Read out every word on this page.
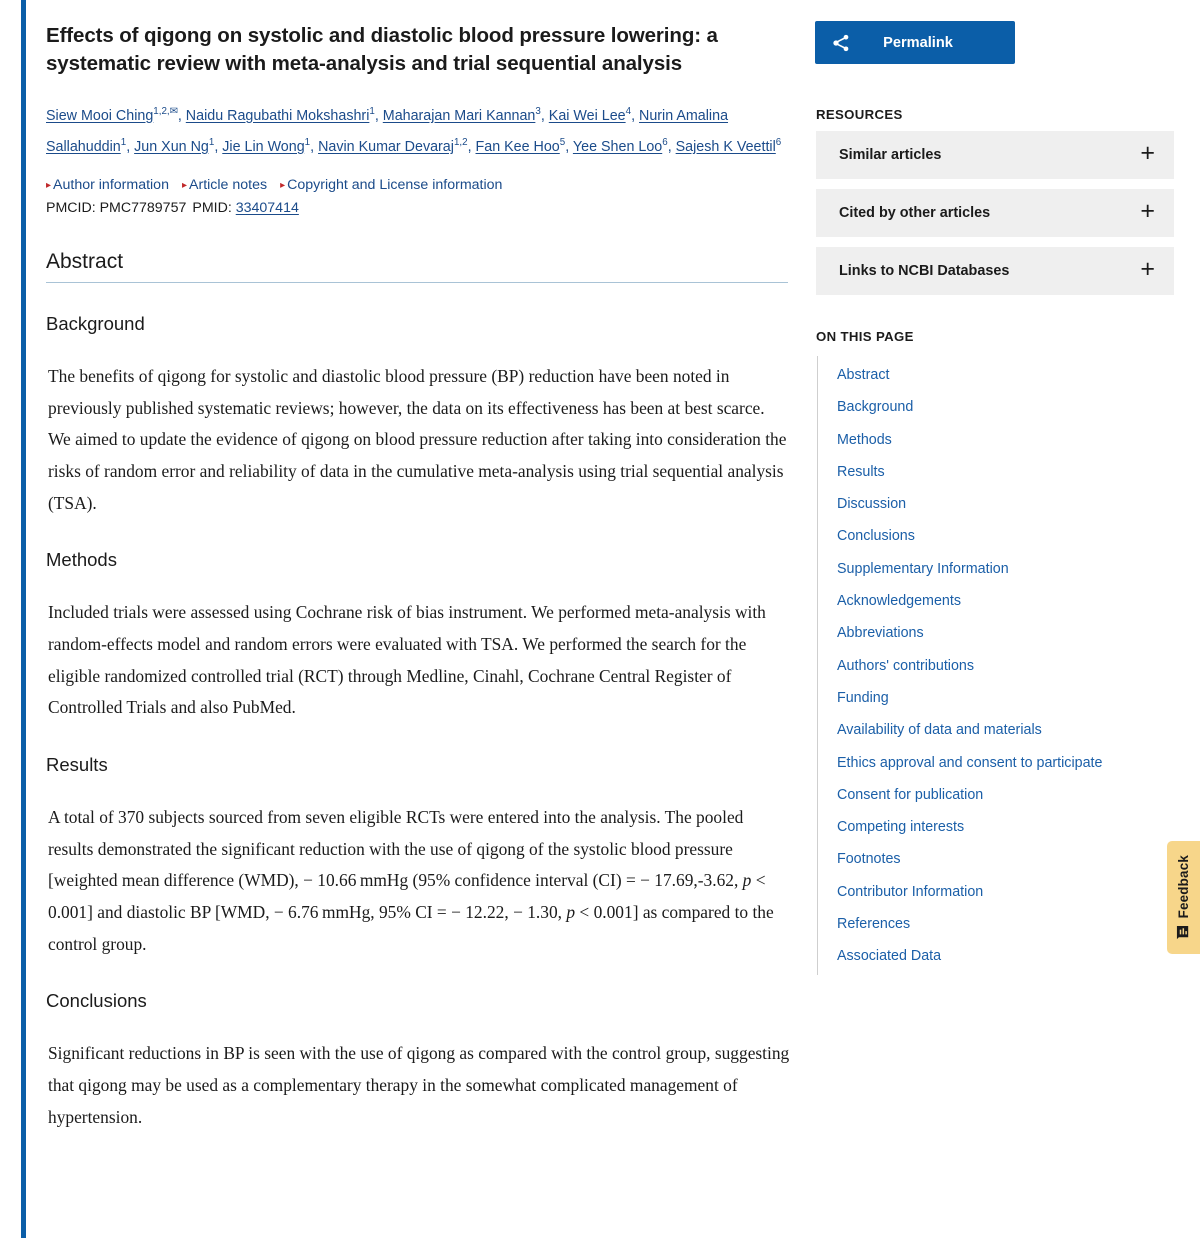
Effects of qigong on systolic and diastolic blood pressure lowering: a systematic review with meta-analysis and trial sequential analysis
Siew Mooi Ching$^{1,2,✉}$, Naidu Ragubathi Mokshashri$^1$, Maharajan Mari Kannan$^3$, Kai Wei Lee$^4$, Nurin Amalina Sallahuddin$^1$, Jun Xun Ng$^1$, Jie Lin Wong$^1$, Navin Kumar Devaraj$^{1,2}$, Fan Kee Hoo$^5$, Yee Shen Loo$^6$, Sajesh K Veettil$^6$
▸ Author information ▸ Article notes ▸ Copyright and License information
PMCID: PMC7789757 PMID: 33407414
Abstract
Background

The benefits of qigong for systolic and diastolic blood pressure (BP) reduction have been noted in previously published systematic reviews; however, the data on its effectiveness has been at best scarce. We aimed to update the evidence of qigong on blood pressure reduction after taking into consideration the risks of random error and reliability of data in the cumulative meta-analysis using trial sequential analysis (TSA).

Methods

Included trials were assessed using Cochrane risk of bias instrument. We performed meta-analysis with random-effects model and random errors were evaluated with TSA. We performed the search for the eligible randomized controlled trial (RCT) through Medline, Cinahl, Cochrane Central Register of Controlled Trials and also PubMed.

Results

A total of 370 subjects sourced from seven eligible RCTs were entered into the analysis. The pooled results demonstrated the significant reduction with the use of qigong of the systolic blood pressure [weighted mean difference (WMD), − 10.66 mmHg (95% confidence interval (CI) = − 17.69,-3.62, p < 0.001] and diastolic BP [WMD, − 6.76 mmHg, 95% CI = − 12.22, − 1.30, p < 0.001] as compared to the control group.

Conclusions

Significant reductions in BP is seen with the use of qigong as compared with the control group, suggesting that qigong may be used as a complementary therapy in the somewhat complicated management of hypertension.

Permalink
RESOURCES
Similar articles	+
Cited by other articles	+
Links to NCBI Databases	+
ON THIS PAGE
Abstract
Background
Methods
Results
Discussion
Conclusions
Supplementary Information
Acknowledgements
Abbreviations
Authors' contributions
Funding
Availability of data and materials
Ethics approval and consent to participate
Consent for publication
Competing interests
Footnotes
Contributor Information
References
Associated Data
Feedback
